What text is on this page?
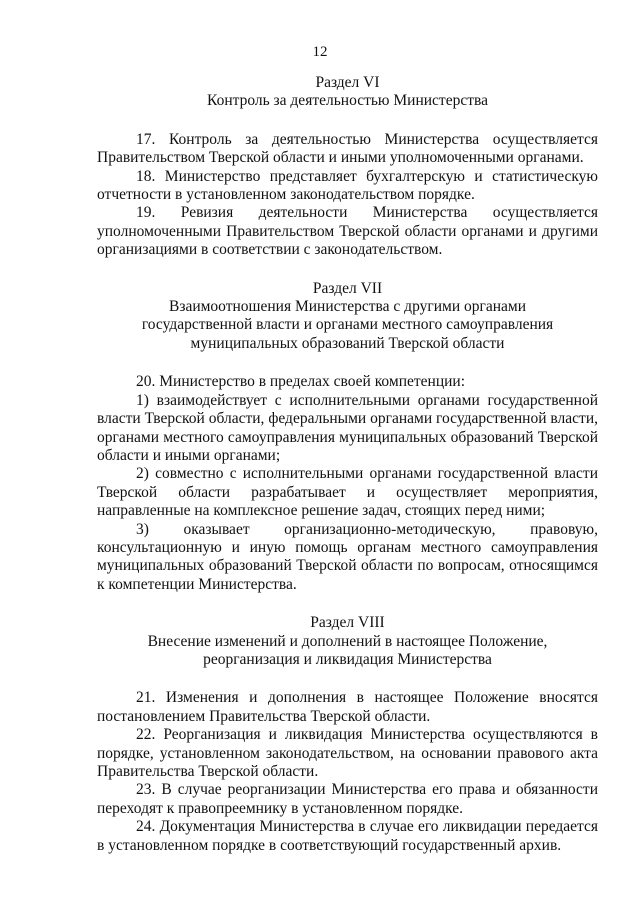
12

Раздел VI

Контроль за деятельностью Министерства

17. Контроль за деятельностью Министерства осуществляется Правительством Тверской области и иными уполномоченными органами.

18. Министерство представляет бухгалтерскую и статистическую отчетности в установленном законодательством порядке.

19. Ревизия деятельности Министерства осуществляется уполномоченными Правительством Тверской области органами и другими организациями в соответствии с законодательством.

Раздел VII

Взаимоотношения Министерства с другими органами

государственной власти и органами местного самоуправления

муниципальных образований Тверской области

20. Министерство в пределах своей компетенции:

1) взаимодействует с исполнительными органами государственной власти Тверской области, федеральными органами государственной власти, органами местного самоуправления муниципальных образований Тверской области и иными органами;

2) совместно с исполнительными органами государственной власти Тверской области разрабатывает и осуществляет мероприятия, направленные на комплексное решение задач, стоящих перед ними;

3) оказывает организационно-методическую, правовую, консультационную и иную помощь органам местного самоуправления муниципальных образований Тверской области по вопросам, относящимся к компетенции Министерства.

Раздел VIII

Внесение изменений и дополнений в настоящее Положение,

реорганизация и ликвидация Министерства

21. Изменения и дополнения в настоящее Положение вносятся постановлением Правительства Тверской области.

22. Реорганизация и ликвидация Министерства осуществляются в порядке, установленном законодательством, на основании правового акта Правительства Тверской области.

23. В случае реорганизации Министерства его права и обязанности переходят к правопреемнику в установленном порядке.

24. Документация Министерства в случае его ликвидации передается в установленном порядке в соответствующий государственный архив.
